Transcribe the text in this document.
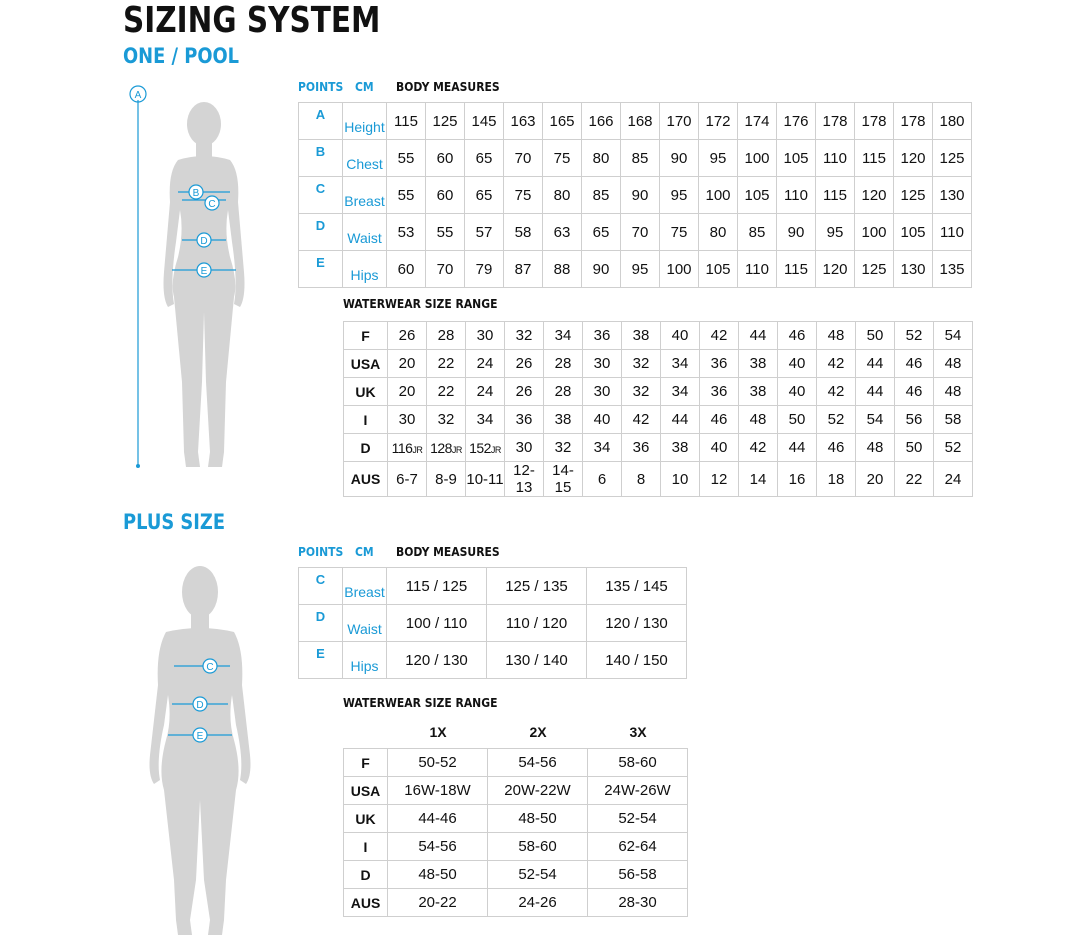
SIZING SYSTEM
ONE / POOL
A
B
C
D
E
POINTS CM BODY MEASURES
A	Height	115	125	145	163	165	166	168	170	172	174	176	178	178	178	180
B	Chest	55	60	65	70	75	80	85	90	95	100	105	110	115	120	125
C	Breast	55	60	65	75	80	85	90	95	100	105	110	115	120	125	130
D	Waist	53	55	57	58	63	65	70	75	80	85	90	95	100	105	110
E	Hips	60	70	79	87	88	90	95	100	105	110	115	120	125	130	135
WATERWEAR SIZE RANGE
F	26	28	30	32	34	36	38	40	42	44	46	48	50	52	54
USA	20	22	24	26	28	30	32	34	36	38	40	42	44	46	48
UK	20	22	24	26	28	30	32	34	36	38	40	42	44	46	48
I	30	32	34	36	38	40	42	44	46	48	50	52	54	56	58
D	116JR	128JR	152JR	30	32	34	36	38	40	42	44	46	48	50	52
AUS	6-7	8-9	10-11	12-13	14-15	6	8	10	12	14	16	18	20	22	24
PLUS SIZE
C
D
E
POINTS CM BODY MEASURES
C	Breast	115 / 125	125 / 135	135 / 145
D	Waist	100 / 110	110 / 120	120 / 130
E	Hips	120 / 130	130 / 140	140 / 150
WATERWEAR SIZE RANGE
1X	2X	3X
F	50-52	54-56	58-60
USA	16W-18W	20W-22W	24W-26W
UK	44-46	48-50	52-54
I	54-56	58-60	62-64
D	48-50	52-54	56-58
AUS	20-22	24-26	28-30
